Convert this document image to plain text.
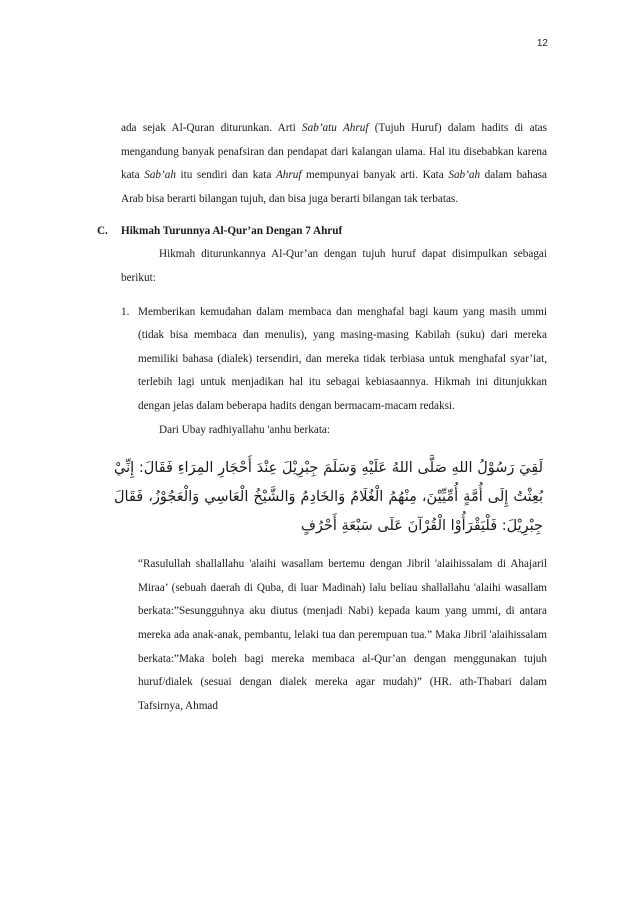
12

ada sejak Al-Quran diturunkan. Arti Sab’atu Ahruf (Tujuh Huruf) dalam hadits di atas mengandung banyak penafsiran dan pendapat dari kalangan ulama. Hal itu disebabkan karena kata Sab’ah itu sendiri dan kata Ahruf mempunyai banyak arti. Kata Sab’ah dalam bahasa Arab bisa berarti bilangan tujuh, dan bisa juga berarti bilangan tak terbatas.

C. Hikmah Turunnya Al-Qur’an Dengan 7 Ahruf

Hikmah diturunkannya Al-Qur’an dengan tujuh huruf dapat disimpulkan sebagai berikut:

1. Memberikan kemudahan dalam membaca dan menghafal bagi kaum yang masih ummi (tidak bisa membaca dan menulis), yang masing-masing Kabilah (suku) dari mereka memiliki bahasa (dialek) tersendiri, dan mereka tidak terbiasa untuk menghafal syar’iat, terlebih lagi untuk menjadikan hal itu sebagai kebiasaannya. Hikmah ini ditunjukkan dengan jelas dalam beberapa hadits dengan bermacam-macam redaksi.

Dari Ubay radhiyallahu 'anhu berkata:

لَقِيَ رَسُوْلُ اللهِ صَلَّى اللهُ عَلَيْهِ وَسَلَمَ جِبْرِيْلَ عِنْدَ أَحْجَارِ المِرَاءِ فَقَالَ: إِنِّيْ بُعِثْتُ إِلَى أُمَّةٍ أُمِّيِّيْنَ، مِنْهُمُ الْغُلَامُ وَالخَادِمُ وَالشَّيْخُ الْعَاسِي وَالْعَجُوْزُ، فَقَالَ جِبْرِيْلَ: فَلْيَقْرَأُوْا الْقُرْآنَ عَلَى سَبْعَةِ أَحْرُفٍ

“Rasulullah shallallahu 'alaihi wasallam bertemu dengan Jibril 'alaihissalam di Ahajaril Miraa’ (sebuah daerah di Quba, di luar Madinah) lalu beliau shallallahu 'alaihi wasallam berkata:”Sesungguhnya aku diutus (menjadi Nabi) kepada kaum yang ummi, di antara mereka ada anak-anak, pembantu, lelaki tua dan perempuan tua.” Maka Jibril 'alaihissalam berkata:”Maka boleh bagi mereka membaca al-Qur’an dengan menggunakan tujuh huruf/dialek (sesuai dengan dialek mereka agar mudah)” (HR. ath-Thabari dalam Tafsirnya, Ahmad
